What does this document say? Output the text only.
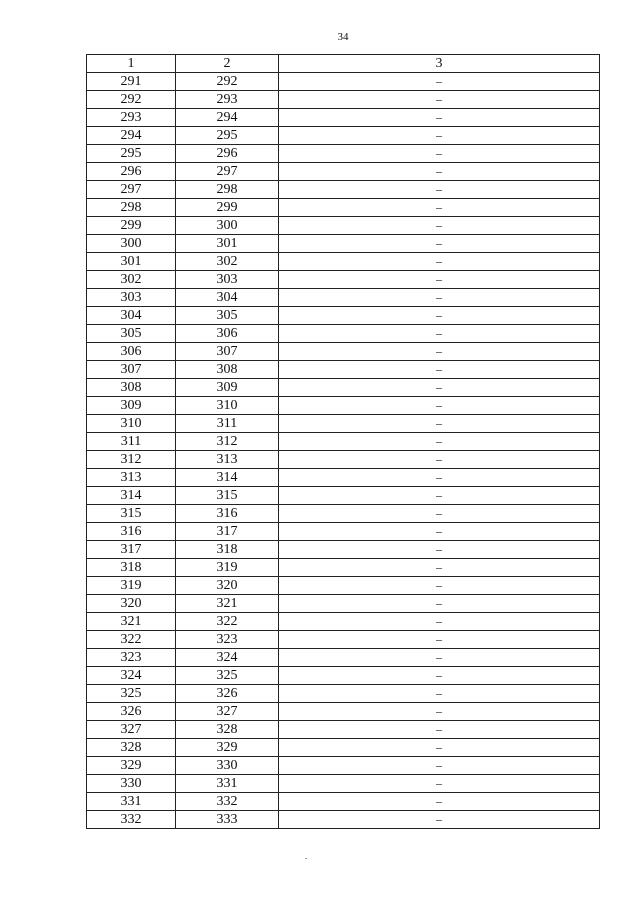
34
1	2	3
291	292	–
292	293	–
293	294	–
294	295	–
295	296	–
296	297	–
297	298	–
298	299	–
299	300	–
300	301	–
301	302	–
302	303	–
303	304	–
304	305	–
305	306	–
306	307	–
307	308	–
308	309	–
309	310	–
310	311	–
311	312	–
312	313	–
313	314	–
314	315	–
315	316	–
316	317	–
317	318	–
318	319	–
319	320	–
320	321	–
321	322	–
322	323	–
323	324	–
324	325	–
325	326	–
326	327	–
327	328	–
328	329	–
329	330	–
330	331	–
331	332	–
332	333	–
